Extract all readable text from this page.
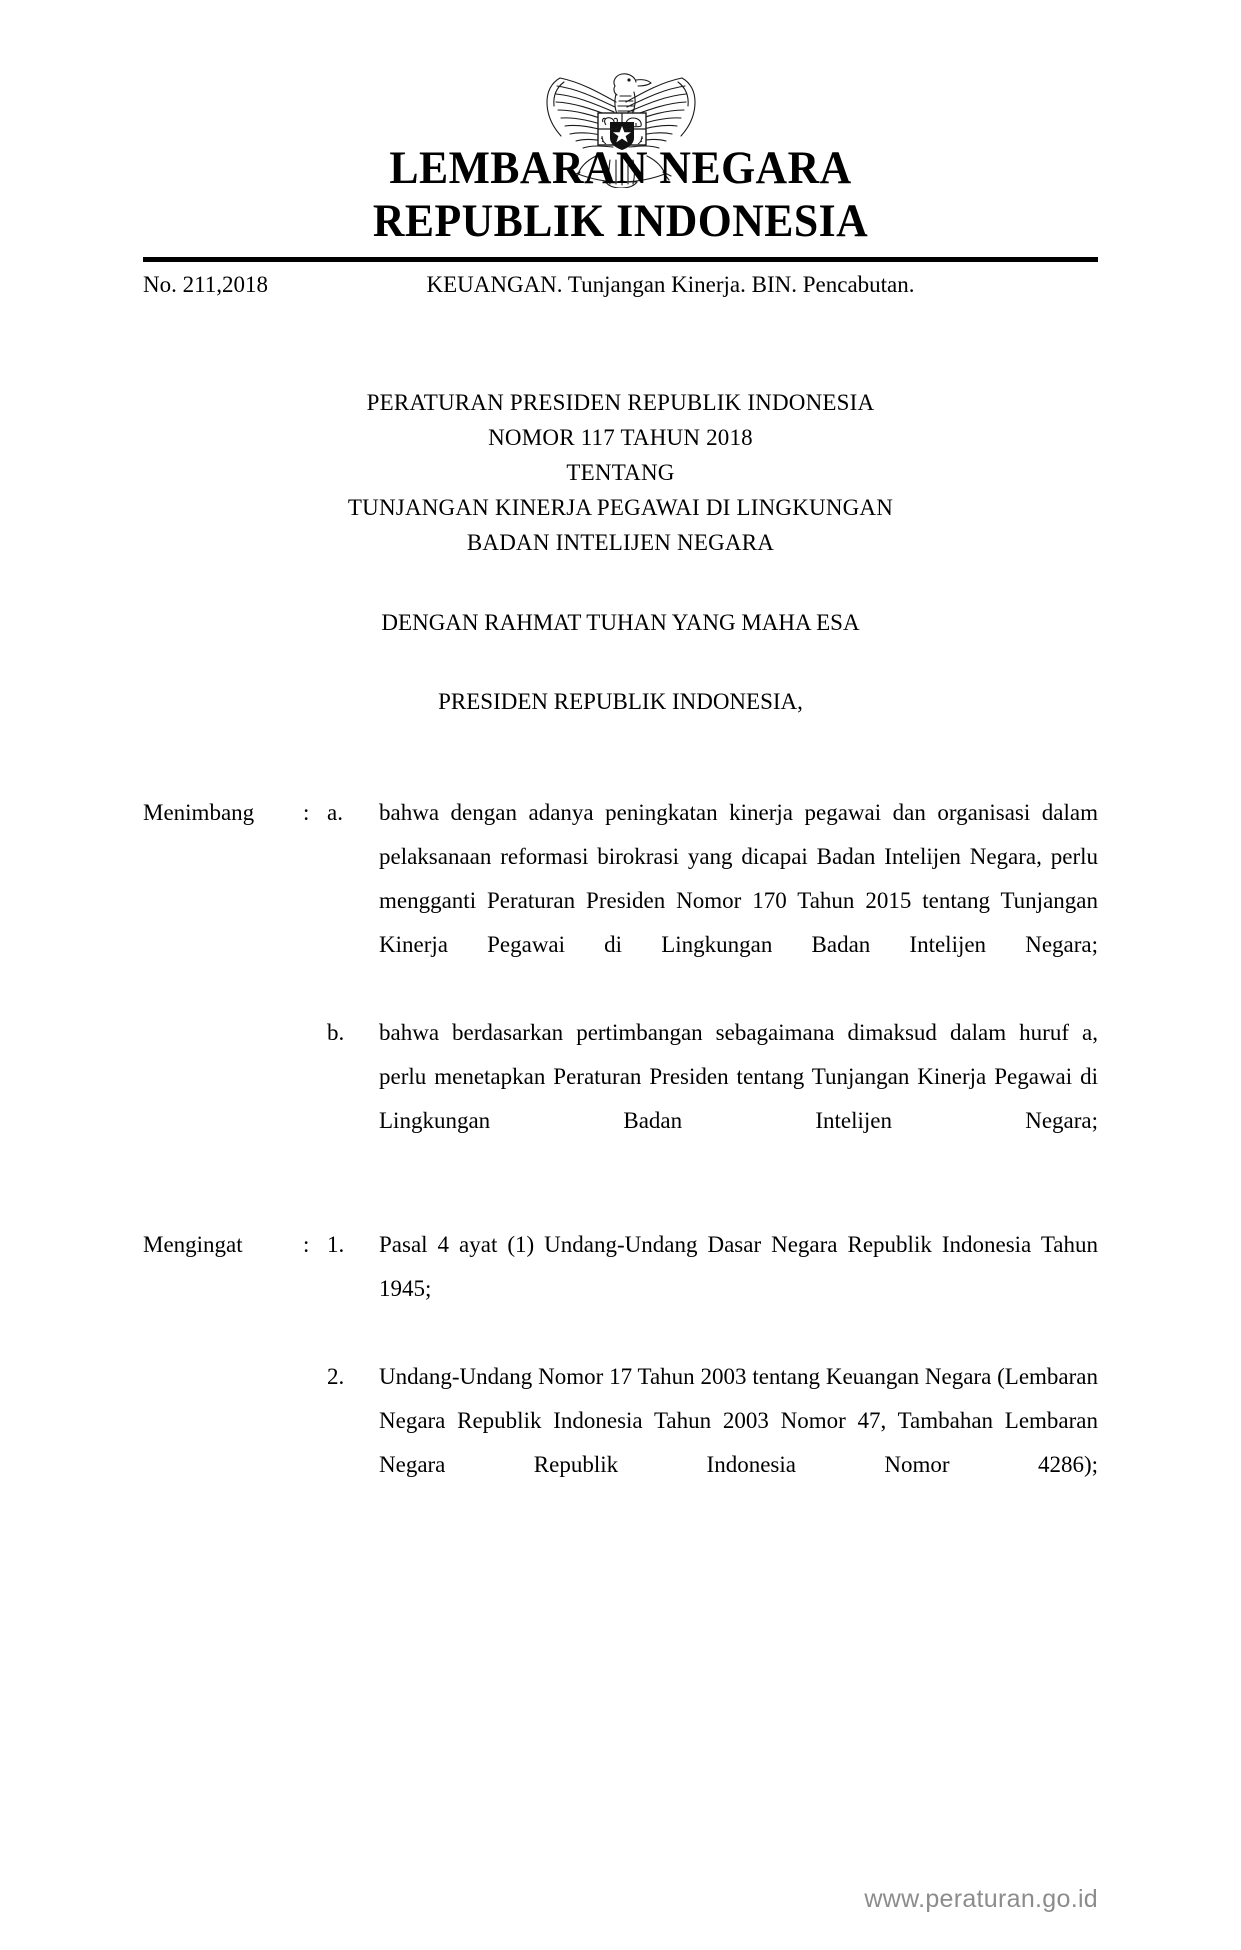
LEMBARAN NEGARA
REPUBLIK INDONESIA
No. 211,2018	KEUANGAN. Tunjangan Kinerja. BIN. Pencabutan.
PERATURAN PRESIDEN REPUBLIK INDONESIA
NOMOR 117 TAHUN 2018
TENTANG
TUNJANGAN KINERJA PEGAWAI DI LINGKUNGAN
BADAN INTELIJEN NEGARA
DENGAN RAHMAT TUHAN YANG MAHA ESA
PRESIDEN REPUBLIK INDONESIA,
Menimbang	: a.	bahwa dengan adanya peningkatan kinerja pegawai dan organisasi dalam pelaksanaan reformasi birokrasi yang dicapai Badan Intelijen Negara, perlu mengganti Peraturan Presiden Nomor 170 Tahun 2015 tentang Tunjangan Kinerja Pegawai di Lingkungan Badan Intelijen Negara;
b.	bahwa berdasarkan pertimbangan sebagaimana dimaksud dalam huruf a, perlu menetapkan Peraturan Presiden tentang Tunjangan Kinerja Pegawai di Lingkungan Badan Intelijen Negara;
Mengingat	: 1.	Pasal 4 ayat (1) Undang-Undang Dasar Negara Republik Indonesia Tahun 1945;
2.	Undang-Undang Nomor 17 Tahun 2003 tentang Keuangan Negara (Lembaran Negara Republik Indonesia Tahun 2003 Nomor 47, Tambahan Lembaran Negara Republik Indonesia Nomor 4286);
www.peraturan.go.id
